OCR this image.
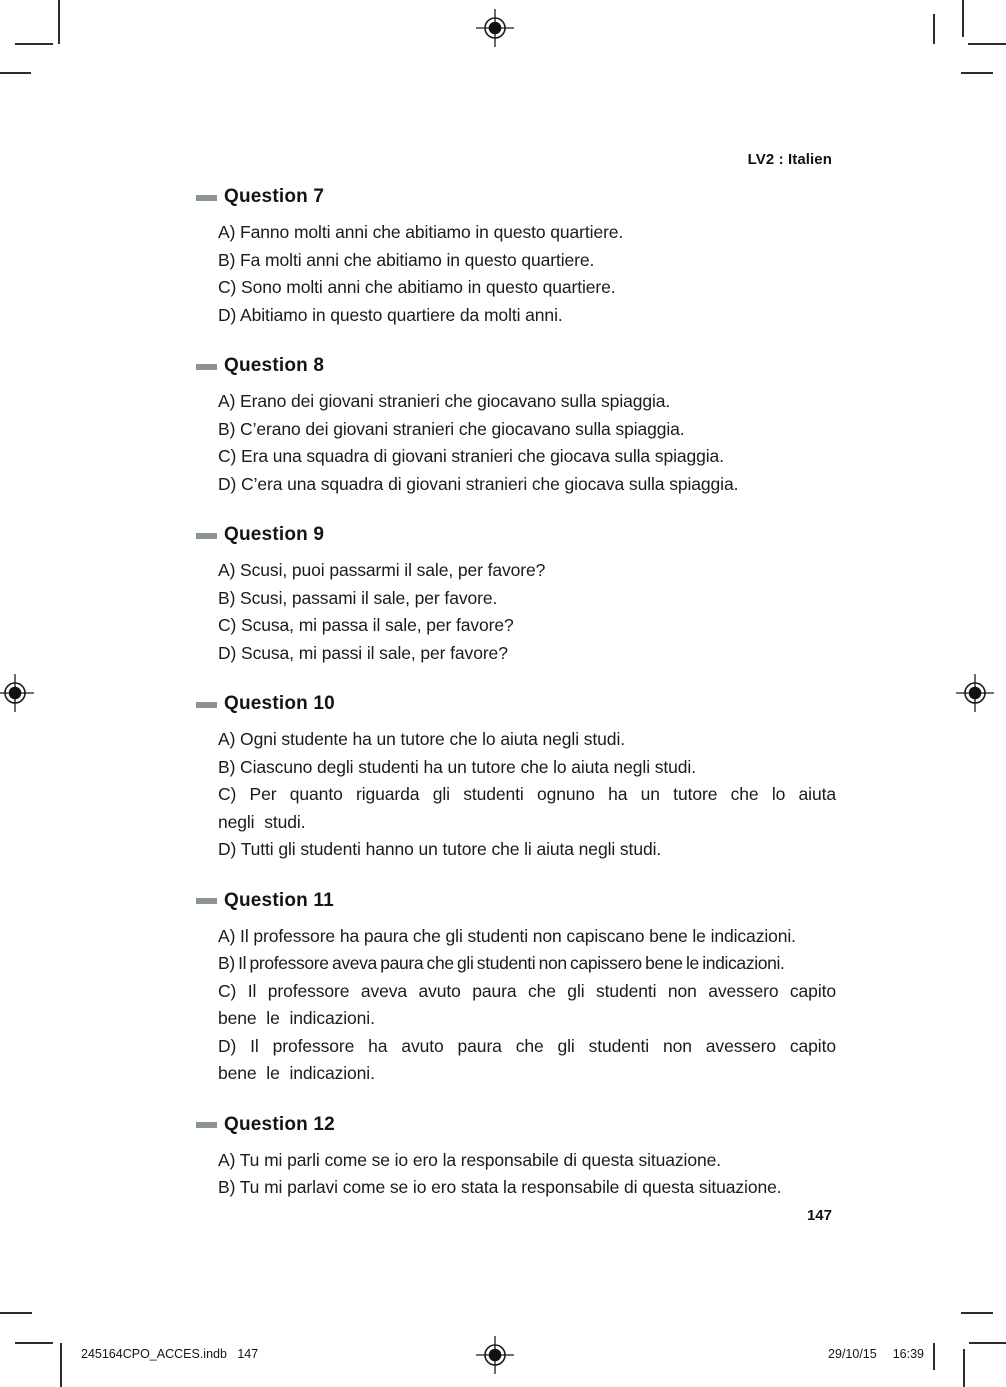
LV2 : Italien
Question 7

A) Fanno molti anni che abitiamo in questo quartiere.

B) Fa molti anni che abitiamo in questo quartiere.

C) Sono molti anni che abitiamo in questo quartiere.

D) Abitiamo in questo quartiere da molti anni.

Question 8

A) Erano dei giovani stranieri che giocavano sulla spiaggia.

B) C’erano dei giovani stranieri che giocavano sulla spiaggia.

C) Era una squadra di giovani stranieri che giocava sulla spiaggia.

D) C’era una squadra di giovani stranieri che giocava sulla spiaggia.

Question 9

A) Scusi, puoi passarmi il sale, per favore?

B) Scusi, passami il sale, per favore.

C) Scusa, mi passa il sale, per favore?

D) Scusa, mi passi il sale, per favore?

Question 10

A) Ogni studente ha un tutore che lo aiuta negli studi.

B) Ciascuno degli studenti ha un tutore che lo aiuta negli studi.

C) Per quanto riguarda gli studenti ognuno ha un tutore che lo aiuta negli studi.

D) Tutti gli studenti hanno un tutore che li aiuta negli studi.

Question 11

A) Il professore ha paura che gli studenti non capiscano bene le indicazioni.

B) Il professore aveva paura che gli studenti non capissero bene le indicazioni.

C) Il professore aveva avuto paura che gli studenti non avessero capito bene le indicazioni.

D) Il professore ha avuto paura che gli studenti non avessero capito bene le indicazioni.

Question 12

A) Tu mi parli come se io ero la responsabile di questa situazione.

B) Tu mi parlavi come se io ero stata la responsabile di questa situazione.

147
245164CPO_ACCES.indb   147	29/10/15 16:39
